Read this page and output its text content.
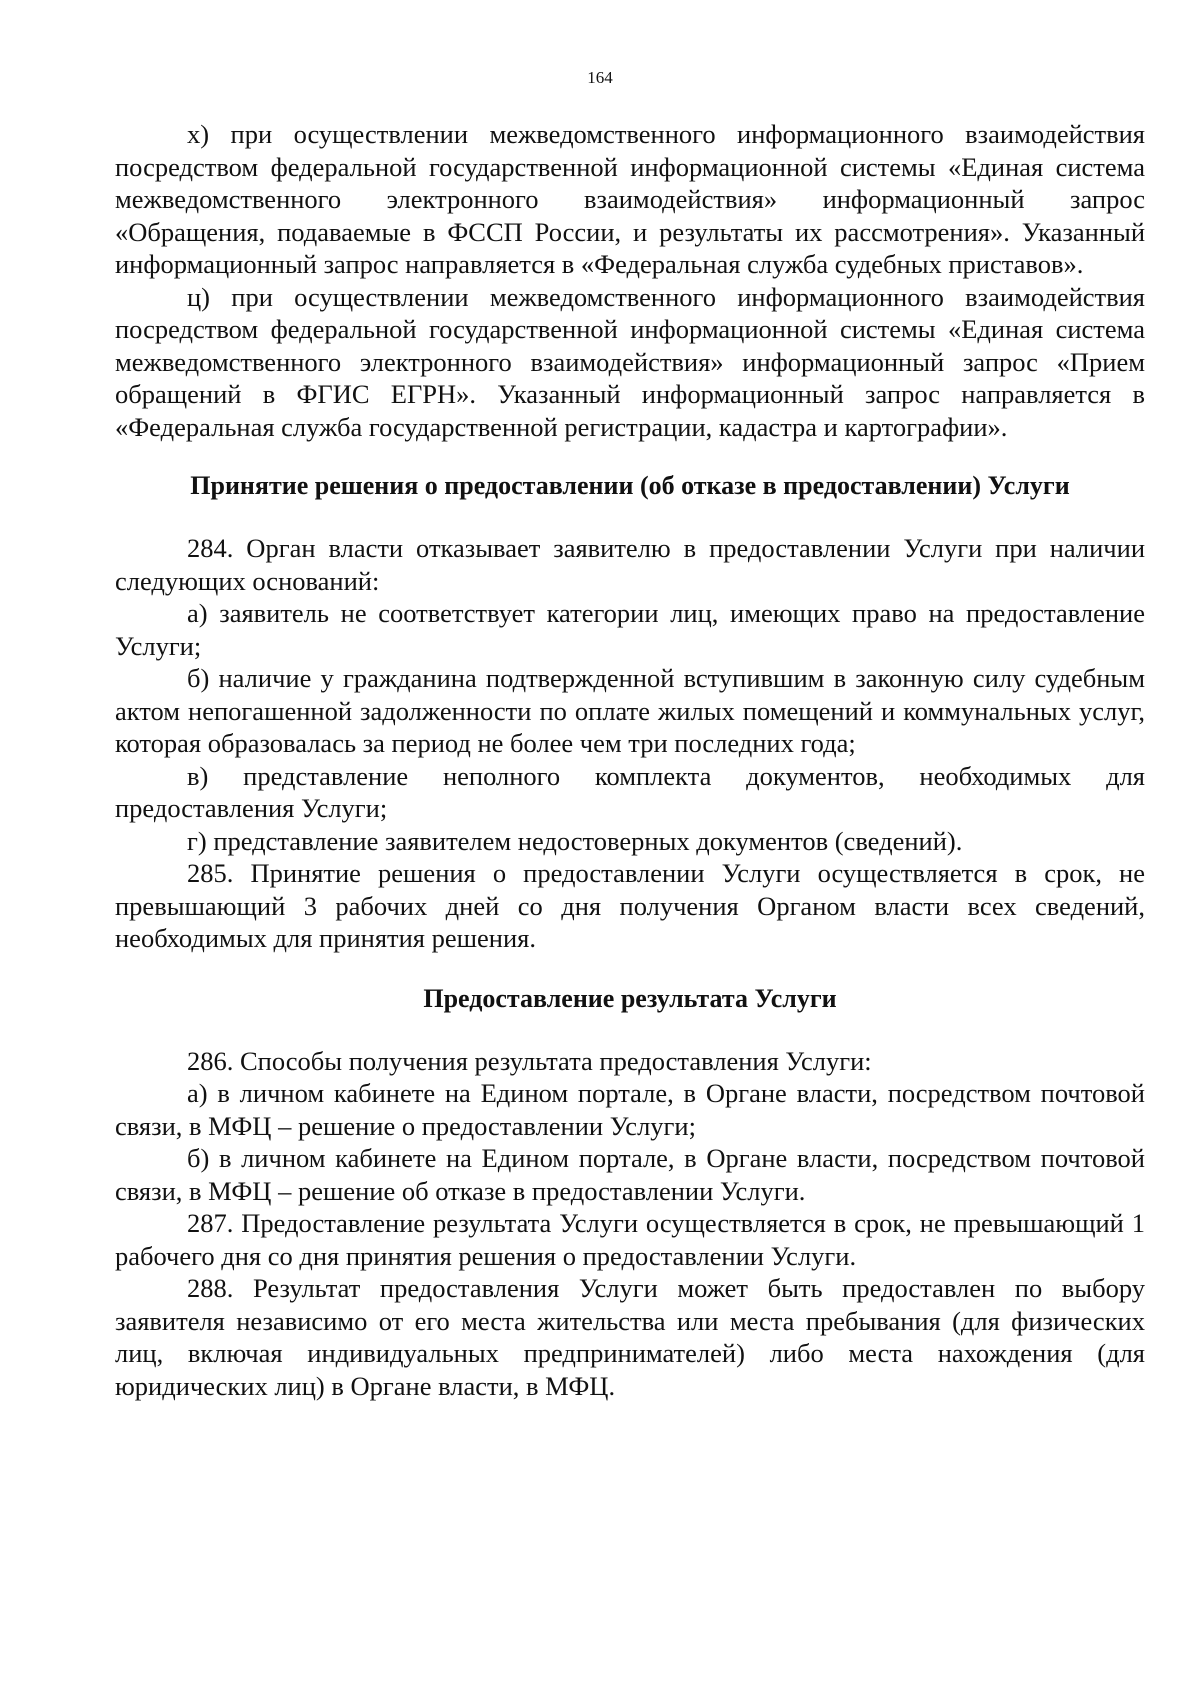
164

х) при осуществлении межведомственного информационного взаимодействия посредством федеральной государственной информационной системы «Единая система межведомственного электронного взаимодействия» информационный запрос «Обращения, подаваемые в ФССП России, и результаты их рассмотрения». Указанный информационный запрос направляется в «Федеральная служба судебных приставов».

ц) при осуществлении межведомственного информационного взаимодействия посредством федеральной государственной информационной системы «Единая система межведомственного электронного взаимодействия» информационный запрос «Прием обращений в ФГИС ЕГРН». Указанный информационный запрос направляется в «Федеральная служба государственной регистрации, кадастра и картографии».

Принятие решения о предоставлении (об отказе в предоставлении) Услуги

284. Орган власти отказывает заявителю в предоставлении Услуги при наличии следующих оснований:

а) заявитель не соответствует категории лиц, имеющих право на предоставление Услуги;

б) наличие у гражданина подтвержденной вступившим в законную силу судебным актом непогашенной задолженности по оплате жилых помещений и коммунальных услуг, которая образовалась за период не более чем три последних года;

в) представление неполного комплекта документов, необходимых для предоставления Услуги;

г) представление заявителем недостоверных документов (сведений).

285. Принятие решения о предоставлении Услуги осуществляется в срок, не превышающий 3 рабочих дней со дня получения Органом власти всех сведений, необходимых для принятия решения.

Предоставление результата Услуги

286. Способы получения результата предоставления Услуги:

а) в личном кабинете на Едином портале, в Органе власти, посредством почтовой связи, в МФЦ – решение о предоставлении Услуги;

б) в личном кабинете на Едином портале, в Органе власти, посредством почтовой связи, в МФЦ – решение об отказе в предоставлении Услуги.

287. Предоставление результата Услуги осуществляется в срок, не превышающий 1 рабочего дня со дня принятия решения о предоставлении Услуги.

288. Результат предоставления Услуги может быть предоставлен по выбору заявителя независимо от его места жительства или места пребывания (для физических лиц, включая индивидуальных предпринимателей) либо места нахождения (для юридических лиц) в Органе власти, в МФЦ.
